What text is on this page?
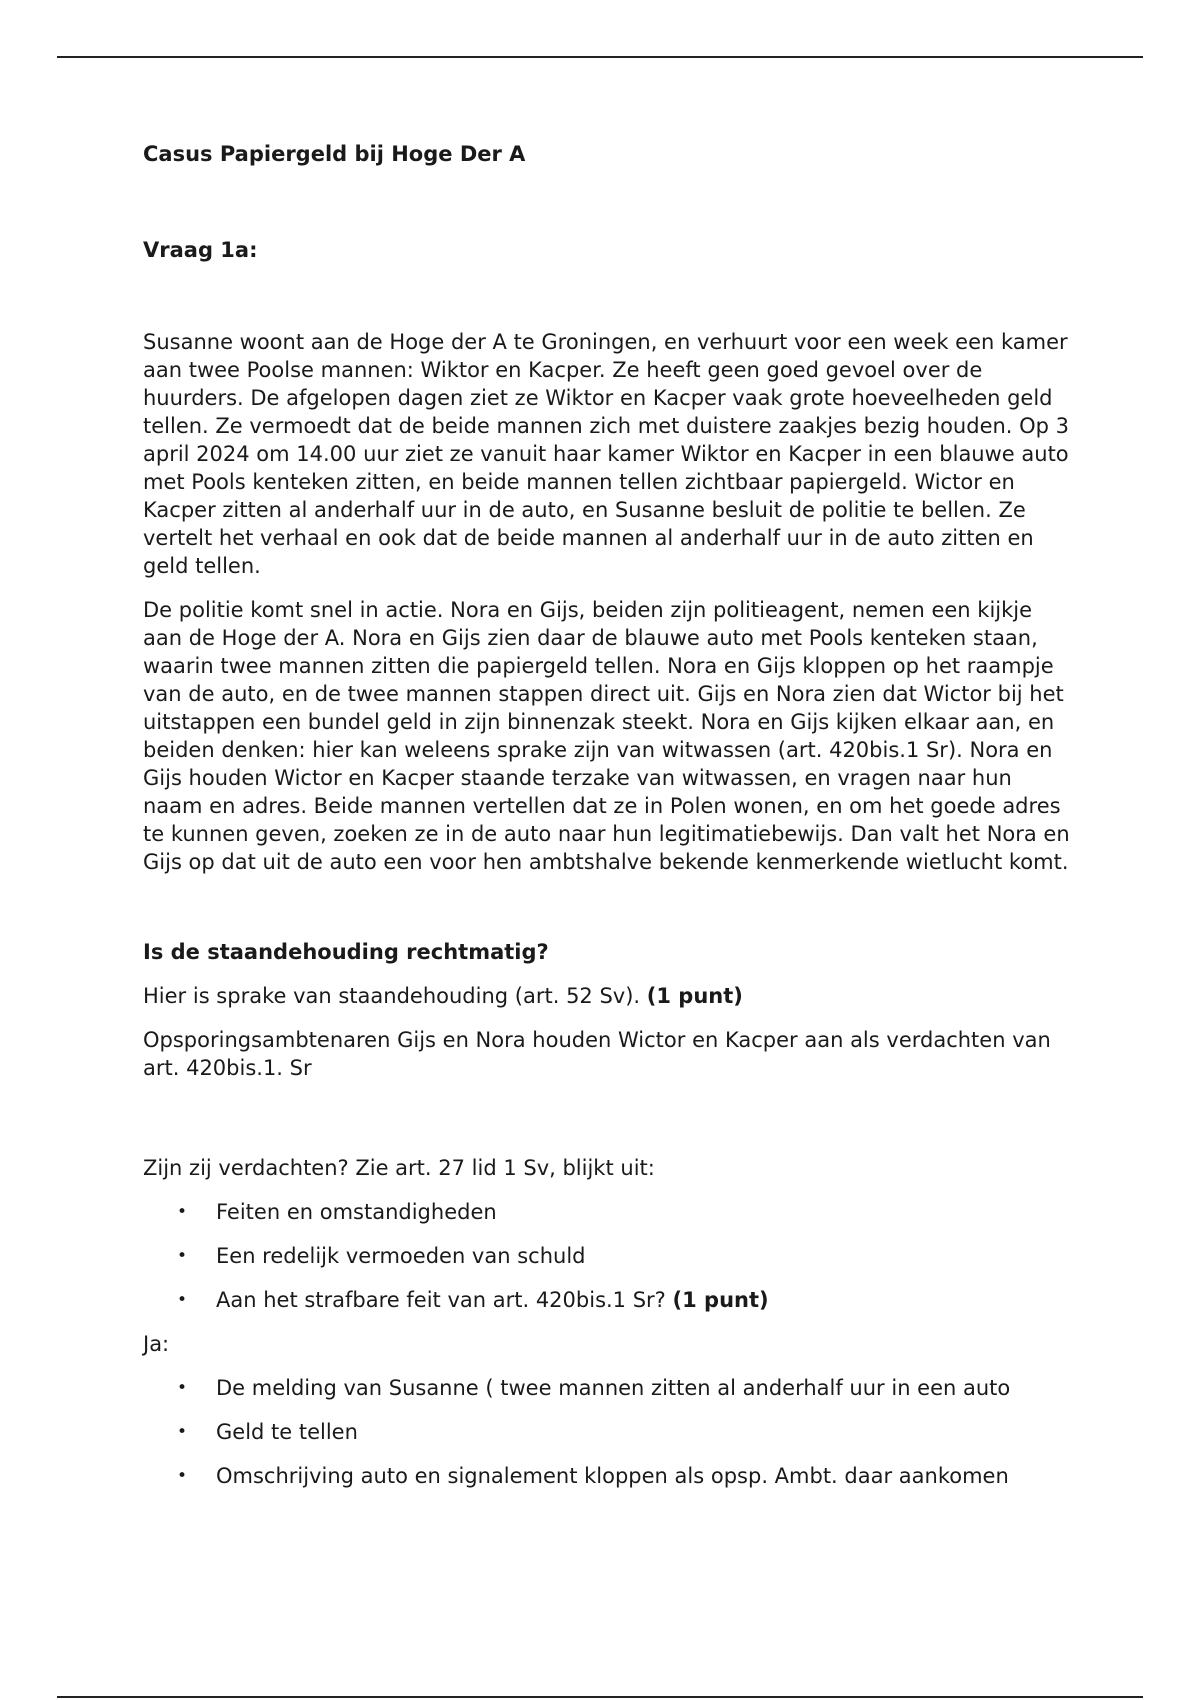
Casus Papiergeld bij Hoge Der A

Vraag 1a:

Susanne woont aan de Hoge der A te Groningen, en verhuurt voor een week een kamer aan twee Poolse mannen: Wiktor en Kacper. Ze heeft geen goed gevoel over de huurders. De afgelopen dagen ziet ze Wiktor en Kacper vaak grote hoeveelheden geld tellen. Ze vermoedt dat de beide mannen zich met duistere zaakjes bezig houden. Op 3 april 2024 om 14.00 uur ziet ze vanuit haar kamer Wiktor en Kacper in een blauwe auto met Pools kenteken zitten, en beide mannen tellen zichtbaar papiergeld. Wictor en Kacper zitten al anderhalf uur in de auto, en Susanne besluit de politie te bellen. Ze vertelt het verhaal en ook dat de beide mannen al anderhalf uur in de auto zitten en geld tellen.

De politie komt snel in actie. Nora en Gijs, beiden zijn politieagent, nemen een kijkje aan de Hoge der A. Nora en Gijs zien daar de blauwe auto met Pools kenteken staan, waarin twee mannen zitten die papiergeld tellen. Nora en Gijs kloppen op het raampje van de auto, en de twee mannen stappen direct uit. Gijs en Nora zien dat Wictor bij het uitstappen een bundel geld in zijn binnenzak steekt. Nora en Gijs kijken elkaar aan, en beiden denken: hier kan weleens sprake zijn van witwassen (art. 420bis.1 Sr). Nora en Gijs houden Wictor en Kacper staande terzake van witwassen, en vragen naar hun naam en adres. Beide mannen vertellen dat ze in Polen wonen, en om het goede adres te kunnen geven, zoeken ze in de auto naar hun legitimatiebewijs. Dan valt het Nora en Gijs op dat uit de auto een voor hen ambtshalve bekende kenmerkende wietlucht komt.

Is de staandehouding rechtmatig?

Hier is sprake van staandehouding (art. 52 Sv). (1 punt)

Opsporingsambtenaren Gijs en Nora houden Wictor en Kacper aan als verdachten van art. 420bis.1. Sr

Zijn zij verdachten? Zie art. 27 lid 1 Sv, blijkt uit:

• Feiten en omstandigheden
• Een redelijk vermoeden van schuld
• Aan het strafbare feit van art. 420bis.1 Sr? (1 punt)

Ja:

• De melding van Susanne ( twee mannen zitten al anderhalf uur in een auto
• Geld te tellen
• Omschrijving auto en signalement kloppen als opsp. Ambt. daar aankomen
